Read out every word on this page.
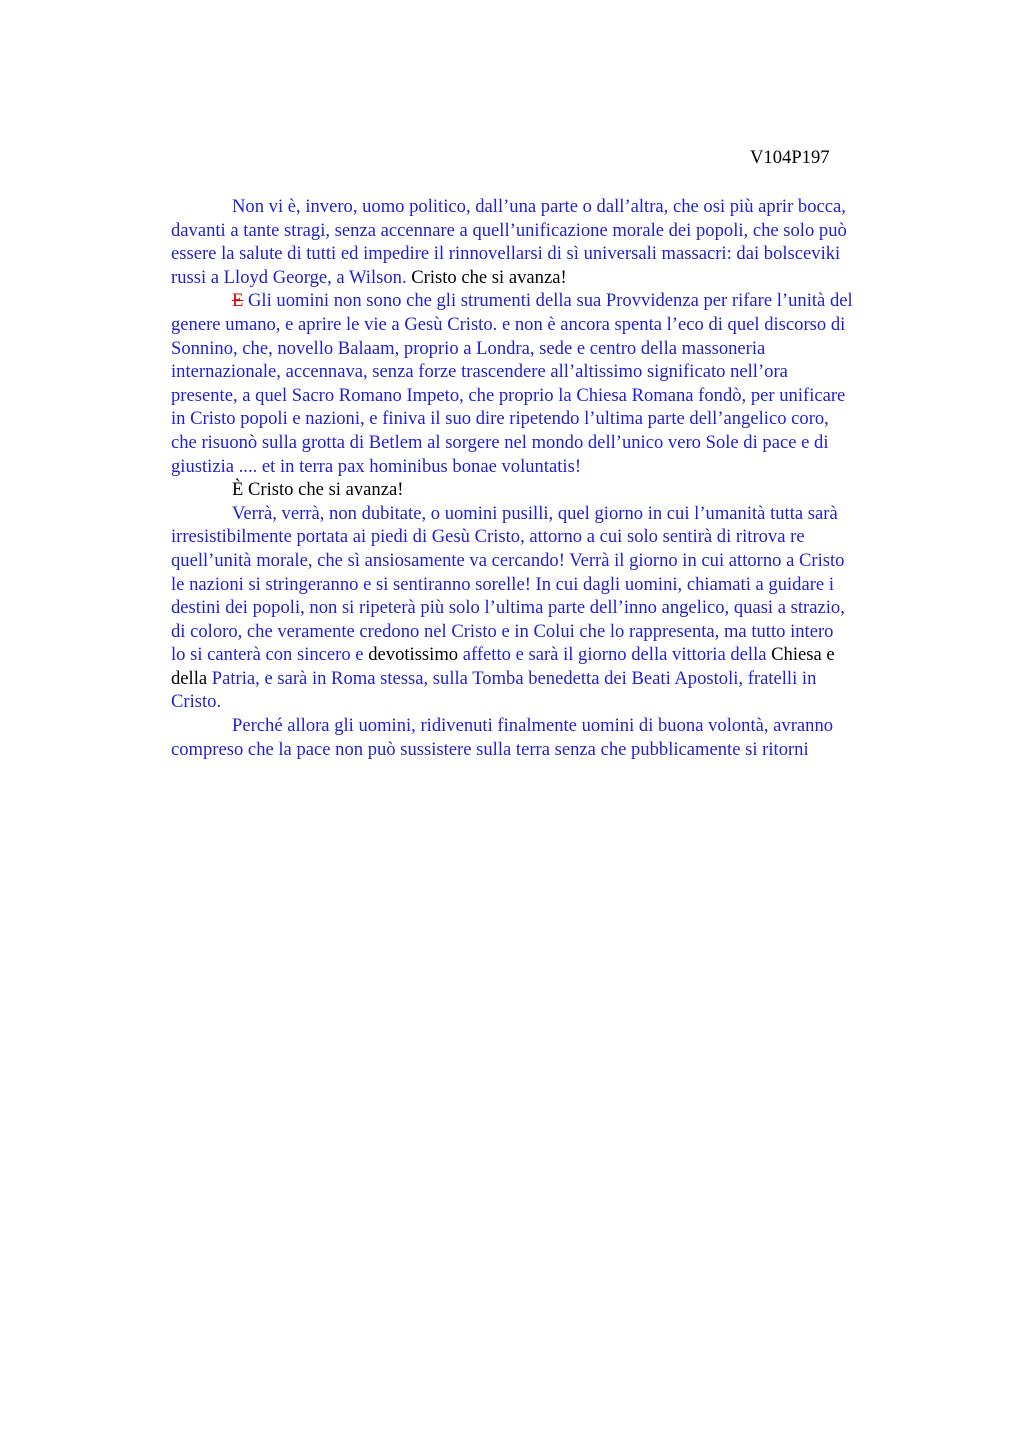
V104P197
Non vi è, invero, uomo politico, dall’una parte o dall’altra, che osi più aprir bocca,
davanti a tante stragi, senza accennare a quell’unificazione morale dei popoli, che solo può
essere la salute di tutti ed impedire il rinnovellarsi di sì universali massacri: dai bolsceviki
russi a Lloyd George, a Wilson. Cristo che si avanza!
E Gli uomini non sono che gli strumenti della sua Provvidenza per rifare l’unità del
genere umano, e aprire le vie a Gesù Cristo. e non è ancora spenta l’eco di quel discorso di
Sonnino, che, novello Balaam, proprio a Londra, sede e centro della massoneria
internazionale, accennava, senza forze trascendere all’altissimo significato nell’ora
presente, a quel Sacro Romano Impeto, che proprio la Chiesa Romana fondò, per unificare
in Cristo popoli e nazioni, e finiva il suo dire ripetendo l’ultima parte dell’angelico coro,
che risuonò sulla grotta di Betlem al sorgere nel mondo dell’unico vero Sole di pace e di
giustizia .... et in terra pax hominibus bonae voluntatis!
È Cristo che si avanza!
Verrà, verrà, non dubitate, o uomini pusilli, quel giorno in cui l’umanità tutta sarà
irresistibilmente portata ai piedi di Gesù Cristo, attorno a cui solo sentirà di ritrova re
quell’unità morale, che sì ansiosamente va cercando! Verrà il giorno in cui attorno a Cristo
le nazioni si stringeranno e si sentiranno sorelle! In cui dagli uomini, chiamati a guidare i
destini dei popoli, non si ripeterà più solo l’ultima parte dell’inno angelico, quasi a strazio,
di coloro, che veramente credono nel Cristo e in Colui che lo rappresenta, ma tutto intero
lo si canterà con sincero e devotissimo affetto e sarà il giorno della vittoria della Chiesa e
della Patria, e sarà in Roma stessa, sulla Tomba benedetta dei Beati Apostoli, fratelli in
Cristo.
Perché allora gli uomini, ridivenuti finalmente uomini di buona volontà, avranno
compreso che la pace non può sussistere sulla terra senza che pubblicamente si ritorni
